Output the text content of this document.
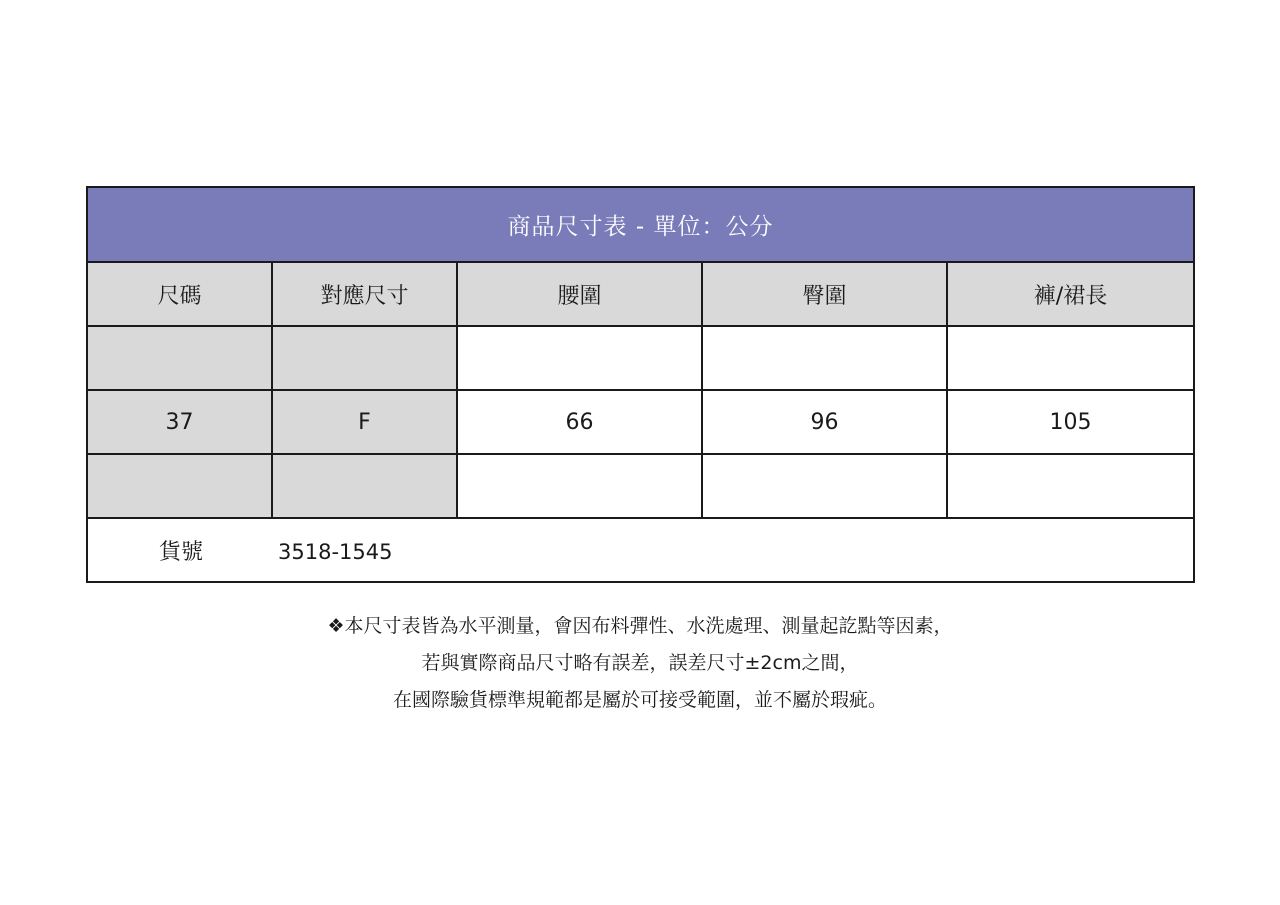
商品尺寸表 - 單位：公分				
尺碼	對應尺寸	腰圍	臀圍	褲/裙長

37	F	66	96	105

貨號 3518-1545				
❖本尺寸表皆為水平測量，會因布料彈性、水洗處理、測量起訖點等因素，
若與實際商品尺寸略有誤差，誤差尺寸±2cm之間，
在國際驗貨標準規範都是屬於可接受範圍，並不屬於瑕疵。
